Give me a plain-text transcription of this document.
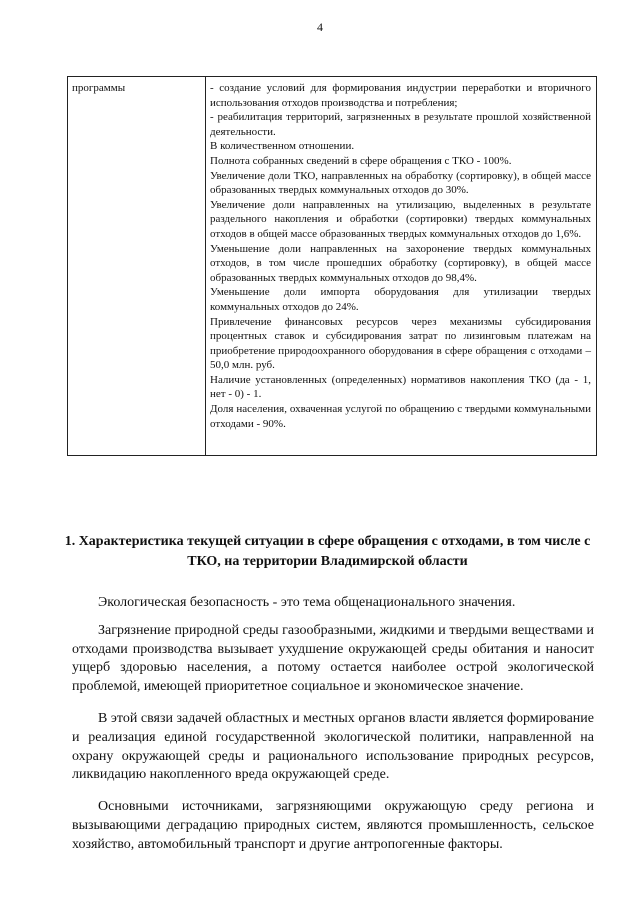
4
программы	- создание условий для формирования индустрии переработки и вторичного использования отходов производства и потребления;
- реабилитация территорий, загрязненных в результате прошлой хозяйственной деятельности.
В количественном отношении.
Полнота собранных сведений в сфере обращения с ТКО - 100%.
Увеличение доли ТКО, направленных на обработку (сортировку), в общей массе образованных твердых коммунальных отходов до 30%.
Увеличение доли направленных на утилизацию, выделенных в результате раздельного накопления и обработки (сортировки) твердых коммунальных отходов в общей массе образованных твердых коммунальных отходов до 1,6%.
Уменьшение доли направленных на захоронение твердых коммунальных отходов, в том числе прошедших обработку (сортировку), в общей массе образованных твердых коммунальных отходов до 98,4%.
Уменьшение доли импорта оборудования для утилизации твердых коммунальных отходов до 24%.
Привлечение финансовых ресурсов через механизмы субсидирования процентных ставок и субсидирования затрат по лизинговым платежам на приобретение природоохранного оборудования в сфере обращения с отходами – 50,0 млн. руб.
Наличие установленных (определенных) нормативов накопления ТКО (да - 1, нет - 0) - 1.
Доля населения, охваченная услугой по обращению с твердыми коммунальными отходами - 90%.
1. Характеристика текущей ситуации в сфере обращения с отходами, в том числе с ТКО, на территории Владимирской области

Экологическая безопасность - это тема общенационального значения.

Загрязнение природной среды газообразными, жидкими и твердыми веществами и отходами производства вызывает ухудшение окружающей среды обитания и наносит ущерб здоровью населения, а потому остается наиболее острой экологической проблемой, имеющей приоритетное социальное и экономическое значение.

В этой связи задачей областных и местных органов власти является формирование и реализация единой государственной экологической политики, направленной на охрану окружающей среды и рационального использование природных ресурсов, ликвидацию накопленного вреда окружающей среде.

Основными источниками, загрязняющими окружающую среду региона и вызывающими деградацию природных систем, являются промышленность, сельское хозяйство, автомобильный транспорт и другие антропогенные факторы.
